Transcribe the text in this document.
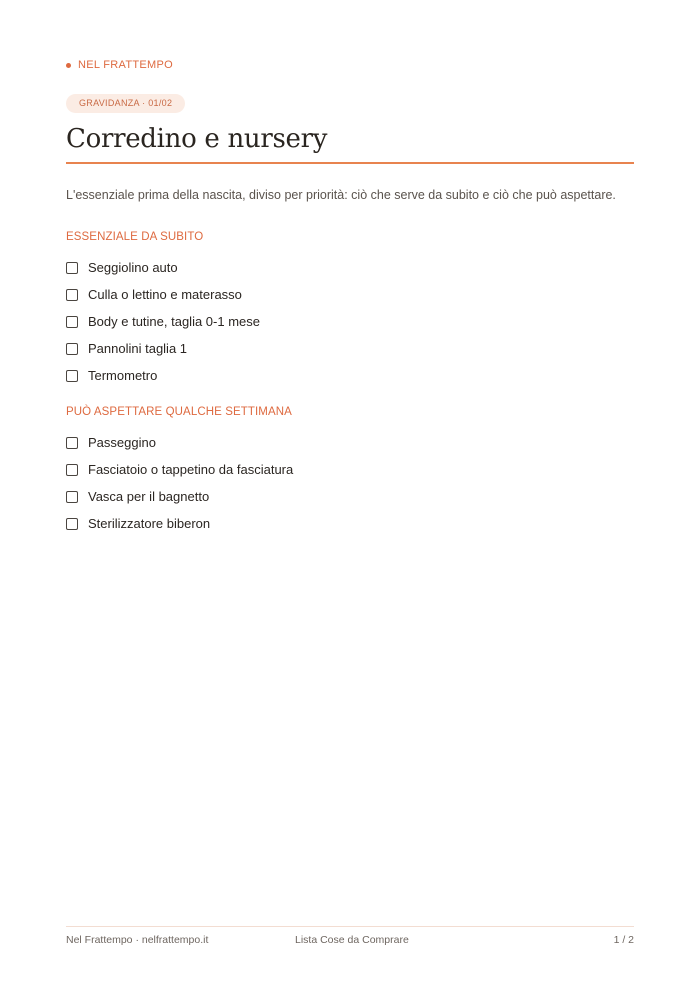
NEL FRATTEMPO
GRAVIDANZA · 01/02
Corredino e nursery

L'essenziale prima della nascita, diviso per priorità: ciò che serve da subito e ciò che può aspettare.

ESSENZIALE DA SUBITO
Seggiolino auto
Culla o lettino e materasso
Body e tutine, taglia 0-1 mese
Pannolini taglia 1
Termometro
PUÒ ASPETTARE QUALCHE SETTIMANA
Passeggino
Fasciatoio o tappetino da fasciatura
Vasca per il bagnetto
Sterilizzatore biberon
Nel Frattempo · nelfrattempo.it	Lista Cose da Comprare	1 / 2
